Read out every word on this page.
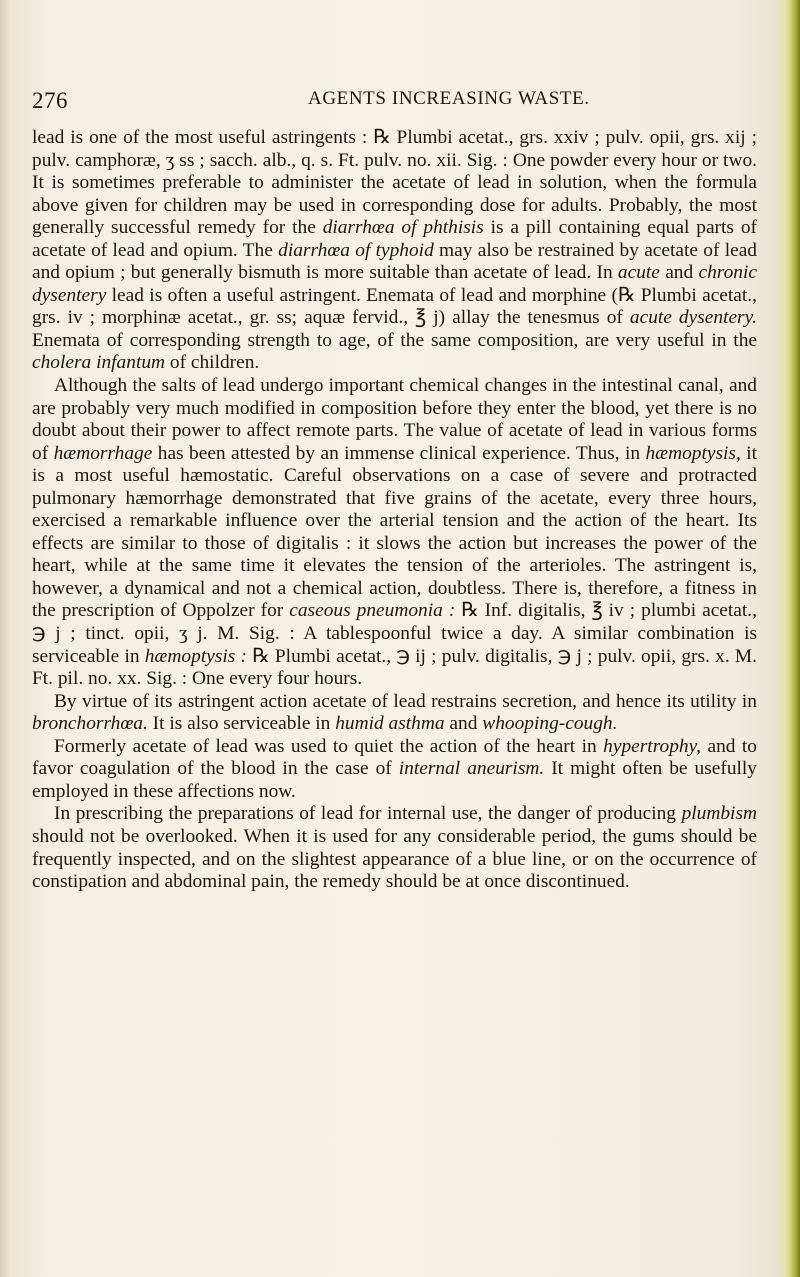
276	AGENTS INCREASING WASTE.

lead is one of the most useful astringents : ℞ Plumbi acetat., grs. xxiv ; pulv. opii, grs. xij ; pulv. camphoræ, ʒ ss ; sacch. alb., q. s. Ft. pulv. no. xii. Sig. : One powder every hour or two. It is sometimes preferable to administer the acetate of lead in solution, when the formula above given for children may be used in corresponding dose for adults. Probably, the most generally successful remedy for the diarrhœa of phthisis is a pill containing equal parts of acetate of lead and opium. The diarrhœa of typhoid may also be restrained by acetate of lead and opium ; but generally bismuth is more suitable than acetate of lead. In acute and chronic dysentery lead is often a useful astringent. Enemata of lead and morphine (℞ Plumbi acetat., grs. iv ; morphinæ acetat., gr. ss; aquæ fervid., ℥ j) allay the tenesmus of acute dysentery. Enemata of corresponding strength to age, of the same composition, are very useful in the cholera infantum of children.

Although the salts of lead undergo important chemical changes in the intestinal canal, and are probably very much modified in composition before they enter the blood, yet there is no doubt about their power to affect remote parts. The value of acetate of lead in various forms of hæmorrhage has been attested by an immense clinical experience. Thus, in hæmoptysis, it is a most useful hæmostatic. Careful observations on a case of severe and protracted pulmonary hæmorrhage demonstrated that five grains of the acetate, every three hours, exercised a remarkable influence over the arterial tension and the action of the heart. Its effects are similar to those of digitalis : it slows the action but increases the power of the heart, while at the same time it elevates the tension of the arterioles. The astringent is, however, a dynamical and not a chemical action, doubtless. There is, therefore, a fitness in the prescription of Oppolzer for caseous pneumonia : ℞ Inf. digitalis, ℥ iv ; plumbi acetat., ℈ j ; tinct. opii, ʒ j. M. Sig. : A tablespoonful twice a day. A similar combination is serviceable in hæmoptysis : ℞ Plumbi acetat., ℈ ij ; pulv. digitalis, ℈ j ; pulv. opii, grs. x. M. Ft. pil. no. xx. Sig. : One every four hours.

By virtue of its astringent action acetate of lead restrains secretion, and hence its utility in bronchorrhœa. It is also serviceable in humid asthma and whooping-cough.

Formerly acetate of lead was used to quiet the action of the heart in hypertrophy, and to favor coagulation of the blood in the case of internal aneurism. It might often be usefully employed in these affections now.

In prescribing the preparations of lead for internal use, the danger of producing plumbism should not be overlooked. When it is used for any considerable period, the gums should be frequently inspected, and on the slightest appearance of a blue line, or on the occurrence of constipation and abdominal pain, the remedy should be at once discontinued.
